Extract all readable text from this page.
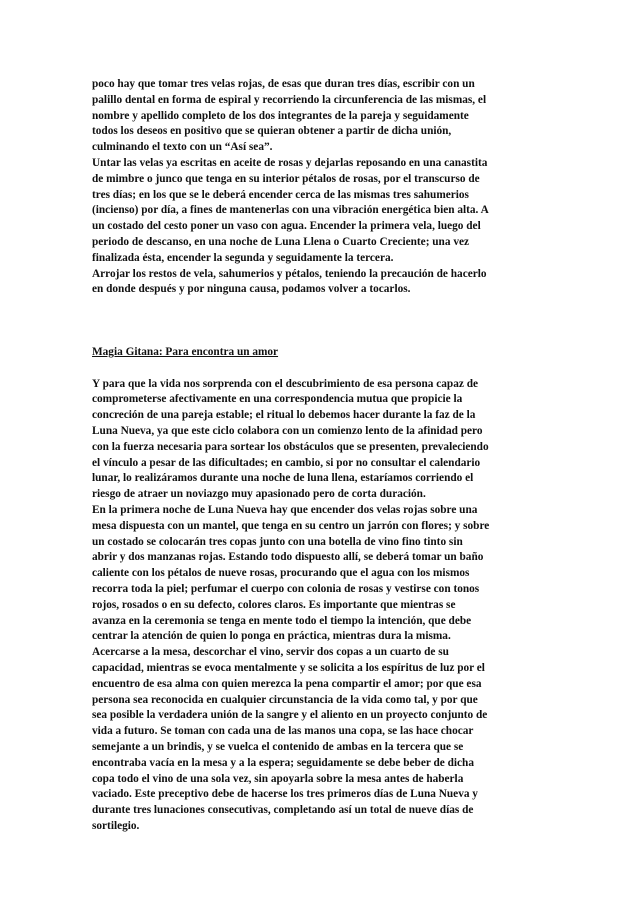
poco hay que tomar tres velas rojas, de esas que duran tres días, escribir con un
palillo dental en forma de espiral y recorriendo la circunferencia de las mismas, el
nombre y apellido completo de los dos integrantes de la pareja y seguidamente
todos los deseos en positivo que se quieran obtener a partir de dicha unión,
culminando el texto con un “Así sea”.
Untar las velas ya escritas en aceite de rosas y dejarlas reposando en una canastita
de mimbre o junco que tenga en su interior pétalos de rosas, por el transcurso de
tres días; en los que se le deberá encender cerca de las mismas tres sahumerios
(incienso) por día, a fines de mantenerlas con una vibración energética bien alta. A
un costado del cesto poner un vaso con agua. Encender la primera vela, luego del
periodo de descanso, en una noche de Luna Llena o Cuarto Creciente; una vez
finalizada ésta, encender la segunda y seguidamente la tercera.
Arrojar los restos de vela, sahumerios y pétalos, teniendo la precaución de hacerlo
en donde después y por ninguna causa, podamos volver a tocarlos.
Magia Gitana: Para encontra un amor
Y para que la vida nos sorprenda con el descubrimiento de esa persona capaz de
comprometerse afectivamente en una correspondencia mutua que propicie la
concreción de una pareja estable; el ritual lo debemos hacer durante la faz de la
Luna Nueva, ya que este ciclo colabora con un comienzo lento de la afinidad pero
con la fuerza necesaria para sortear los obstáculos que se presenten, prevaleciendo
el vínculo a pesar de las dificultades; en cambio, si por no consultar el calendario
lunar, lo realizáramos durante una noche de luna llena, estaríamos corriendo el
riesgo de atraer un noviazgo muy apasionado pero de corta duración.
En la primera noche de Luna Nueva hay que encender dos velas rojas sobre una
mesa dispuesta con un mantel, que tenga en su centro un jarrón con flores; y sobre
un costado se colocarán tres copas junto con una botella de vino fino tinto sin
abrir y dos manzanas rojas. Estando todo dispuesto allí, se deberá tomar un baño
caliente con los pétalos de nueve rosas, procurando que el agua con los mismos
recorra toda la piel; perfumar el cuerpo con colonia de rosas y vestirse con tonos
rojos, rosados o en su defecto, colores claros. Es importante que mientras se
avanza en la ceremonia se tenga en mente todo el tiempo la intención, que debe
centrar la atención de quien lo ponga en práctica, mientras dura la misma.
Acercarse a la mesa, descorchar el vino, servir dos copas a un cuarto de su
capacidad, mientras se evoca mentalmente y se solicita a los espíritus de luz por el
encuentro de esa alma con quien merezca la pena compartir el amor; por que esa
persona sea reconocida en cualquier circunstancia de la vida como tal, y por que
sea posible la verdadera unión de la sangre y el aliento en un proyecto conjunto de
vida a futuro. Se toman con cada una de las manos una copa, se las hace chocar
semejante a un brindis, y se vuelca el contenido de ambas en la tercera que se
encontraba vacía en la mesa y a la espera; seguidamente se debe beber de dicha
copa todo el vino de una sola vez, sin apoyarla sobre la mesa antes de haberla
vaciado. Este preceptivo debe de hacerse los tres primeros días de Luna Nueva y
durante tres lunaciones consecutivas, completando así un total de nueve días de
sortilegio.
